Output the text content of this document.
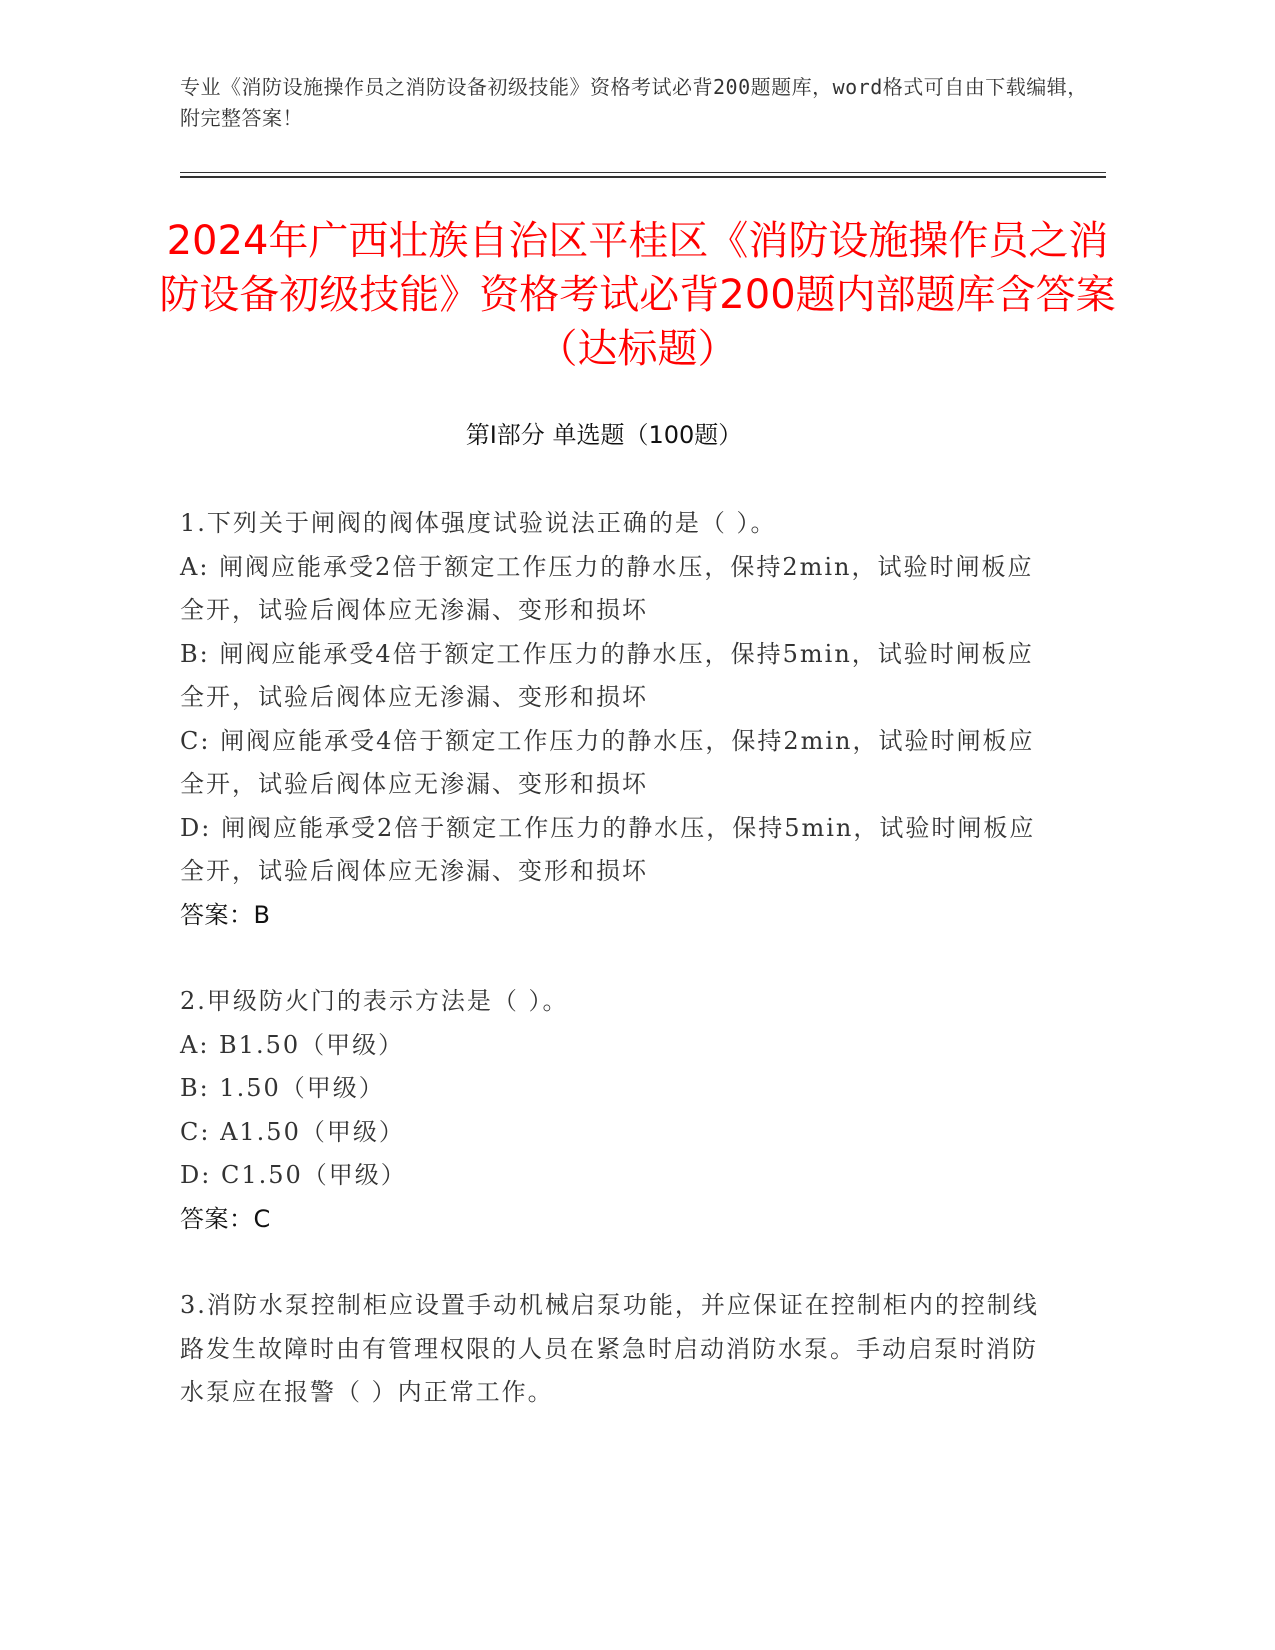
专业《消防设施操作员之消防设备初级技能》资格考试必背200题题库，word格式可自由下载编辑，附完整答案！
2024年广西壮族自治区平桂区《消防设施操作员之消防设备初级技能》资格考试必背200题内部题库含答案（达标题）
第Ⅰ部分 单选题（100题）

1.下列关于闸阀的阀体强度试验说法正确的是（ ）。

A: 闸阀应能承受2倍于额定工作压力的静水压，保持2min，试验时闸板应全开，试验后阀体应无渗漏、变形和损坏

B: 闸阀应能承受4倍于额定工作压力的静水压，保持5min，试验时闸板应全开，试验后阀体应无渗漏、变形和损坏

C: 闸阀应能承受4倍于额定工作压力的静水压，保持2min，试验时闸板应全开，试验后阀体应无渗漏、变形和损坏

D: 闸阀应能承受2倍于额定工作压力的静水压，保持5min，试验时闸板应全开，试验后阀体应无渗漏、变形和损坏

答案：B

2.甲级防火门的表示方法是（ ）。

A: B1.50（甲级）

B: 1.50（甲级）

C: A1.50（甲级）

D: C1.50（甲级）

答案：C

3.消防水泵控制柜应设置手动机械启泵功能，并应保证在控制柜内的控制线路发生故障时由有管理权限的人员在紧急时启动消防水泵。手动启泵时消防水泵应在报警（ ）内正常工作。
